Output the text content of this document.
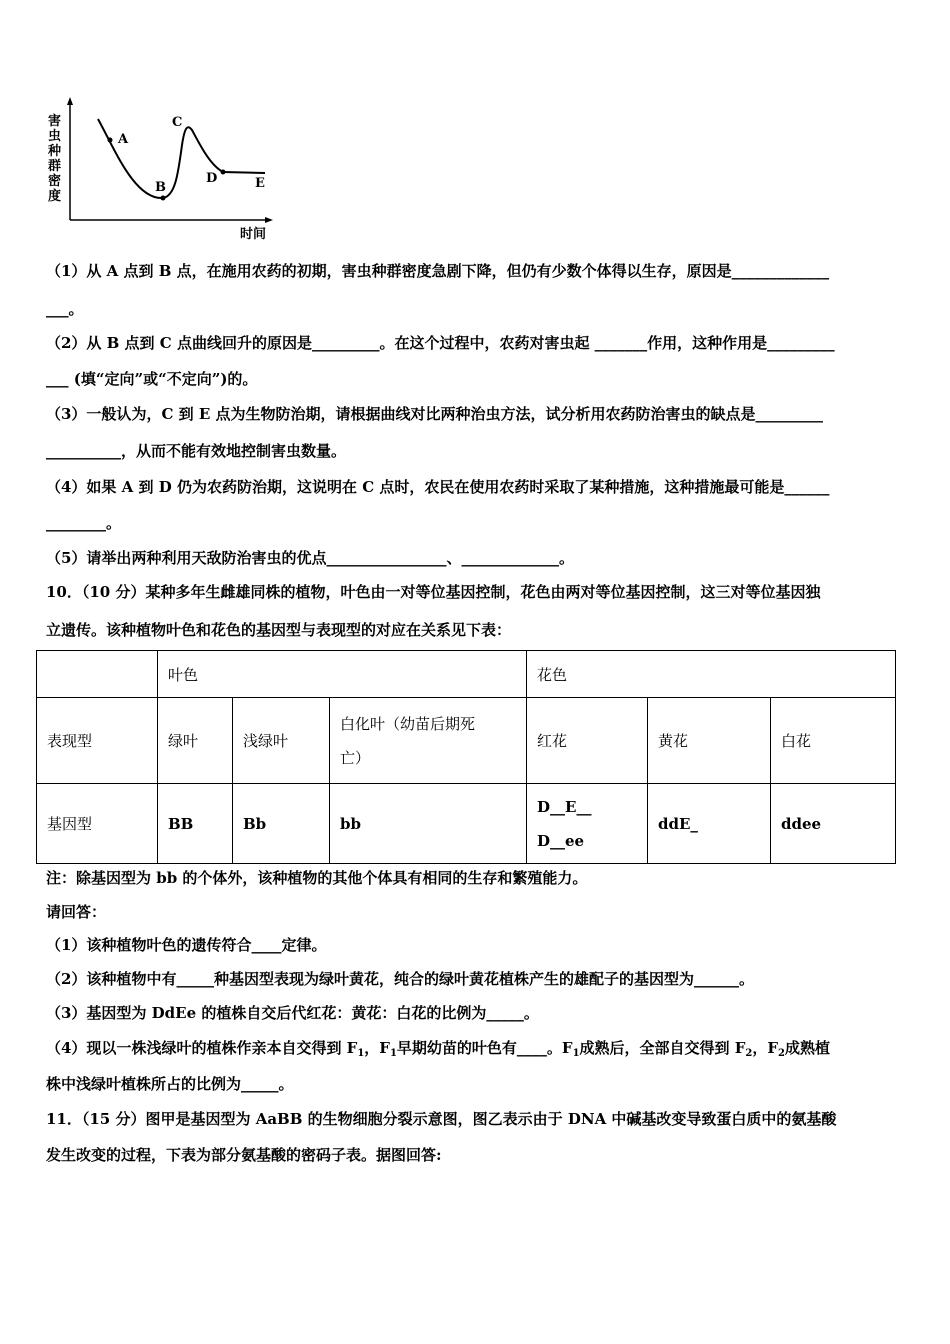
害
虫
种
群
密
度
时间
A
B
C
D	E
（1）从 A 点到 B 点，在施用农药的初期，害虫种群密度急剧下降，但仍有少数个体得以生存，原因是_____________
___。
（2）从 B 点到 C 点曲线回升的原因是_________。在这个过程中，农药对害虫起 _______作用，这种作用是_________
___ (填“定向”或“不定向”)的。
（3）一般认为，C 到 E 点为生物防治期，请根据曲线对比两种治虫方法，试分析用农药防治害虫的缺点是_________
__________，从而不能有效地控制害虫数量。
（4）如果 A 到 D 仍为农药防治期，这说明在 C 点时，农民在使用农药时采取了某种措施，这种措施最可能是______
________。
（5）请举出两种利用天敌防治害虫的优点________________、_____________。
10．（10 分）某种多年生雌雄同株的植物，叶色由一对等位基因控制，花色由两对等位基因控制，这三对等位基因独
立遗传。该种植物叶色和花色的基因型与表现型的对应在关系见下表：
	叶色			花色		
表现型	绿叶	浅绿叶	白化叶（幼苗后期死
亡）	红花	黄花	白花
基因型	BB	Bb	bb	D__E__
D__ee	ddE_	ddee
注：除基因型为 bb 的个体外，该种植物的其他个体具有相同的生存和繁殖能力。
请回答：
（1）该种植物叶色的遗传符合____定律。
（2）该种植物中有_____种基因型表现为绿叶黄花，纯合的绿叶黄花植株产生的雄配子的基因型为______。
（3）基因型为 DdEe 的植株自交后代红花：黄花：白花的比例为_____。
（4）现以一株浅绿叶的植株作亲本自交得到 $F_1$，$F_1$早期幼苗的叶色有____。$F_1$成熟后，全部自交得到 $F_2$，$F_2$成熟植
株中浅绿叶植株所占的比例为_____。
11．（15 分）图甲是基因型为 AaBB 的生物细胞分裂示意图，图乙表示由于 DNA 中碱基改变导致蛋白质中的氨基酸
发生改变的过程，下表为部分氨基酸的密码子表。据图回答:
